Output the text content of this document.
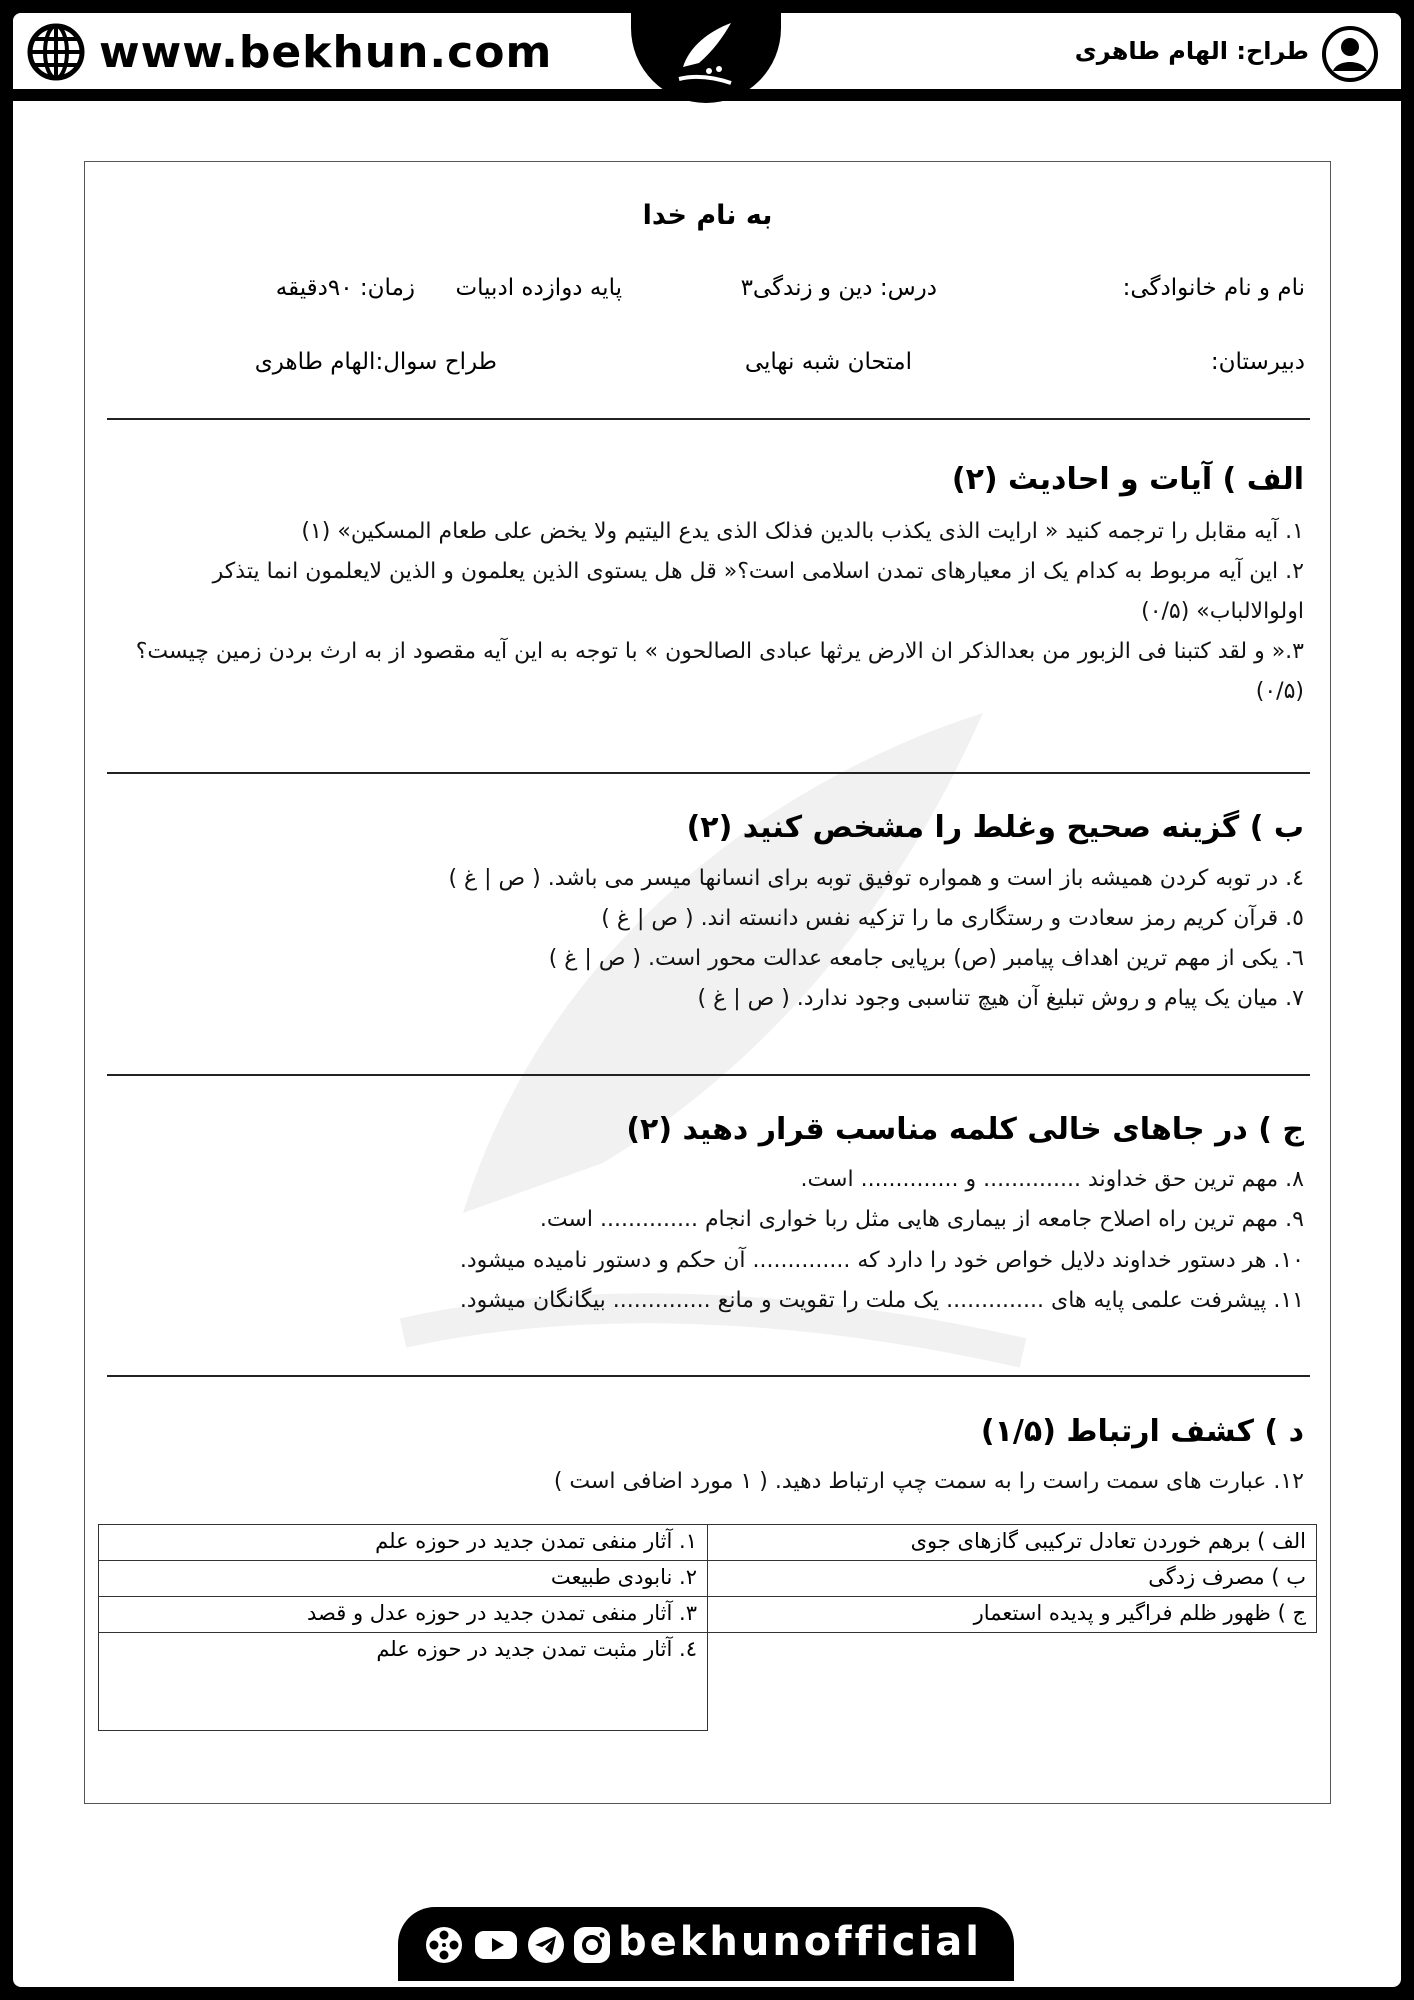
www.bekhun.com	طراح: الهام طاهری
به نام خدا
نام و نام خانوادگی:
درس: دین و زندگی۳
پایه دوازده ادبیات
زمان: ۹۰دقیقه
دبیرستان:
امتحان شبه نهایی
طراح سوال:الهام طاهری
الف ) آیات و احادیث (۲)
۱. آیه مقابل را ترجمه کنید « ارایت الذی یکذب بالدین فذلک الذی یدع الیتیم ولا یخض علی طعام المسکین» (۱)
۲. این آیه مربوط به کدام یک از معیارهای تمدن اسلامی است؟« قل هل یستوی الذین یعلمون و الذین لایعلمون انما یتذکر اولوالالباب» (۰/۵)
۳.« و لقد کتبنا فی الزبور من بعدالذکر ان الارض یرثها عبادی الصالحون » با توجه به این آیه مقصود از به ارث بردن زمین چیست؟ (۰/۵)
ب ) گزینه صحیح وغلط را مشخص کنید (۲)
٤. در توبه کردن همیشه باز است و همواره توفیق توبه برای انسانها میسر می باشد. ( ص | غ )
٥. قرآن کریم رمز سعادت و رستگاری ما را تزکیه نفس دانسته اند. ( ص | غ )
٦. یکی از مهم ترین اهداف پیامبر (ص) برپایی جامعه عدالت محور است. ( ص | غ )
۷. میان یک پیام و روش تبلیغ آن هیچ تناسبی وجود ندارد. ( ص | غ )
ج ) در جاهای خالی کلمه مناسب قرار دهید (۲)
۸. مهم ترین حق خداوند .............. و .............. است.
۹. مهم ترین راه اصلاح جامعه از بیماری هایی مثل ربا خواری انجام .............. است.
۱۰. هر دستور خداوند دلایل خواص خود را دارد که .............. آن حکم و دستور نامیده میشود.
۱۱. پیشرفت علمی پایه های .............. یک ملت را تقویت و مانع .............. بیگانگان میشود.
د ) کشف ارتباط (۱/۵)
۱۲. عبارت های سمت راست را به سمت چپ ارتباط دهید. ( ۱ مورد اضافی است )
الف ) برهم خوردن تعادل ترکیبی گازهای جوی
ب ) مصرف زدگی
ج ) ظهور ظلم فراگیر و پدیده استعمار
۱. آثار منفی تمدن جدید در حوزه علم
۲. نابودی طبیعت
۳. آثار منفی تمدن جدید در حوزه عدل و قصد
٤. آثار مثبت تمدن جدید در حوزه علم
bekhunofficial
